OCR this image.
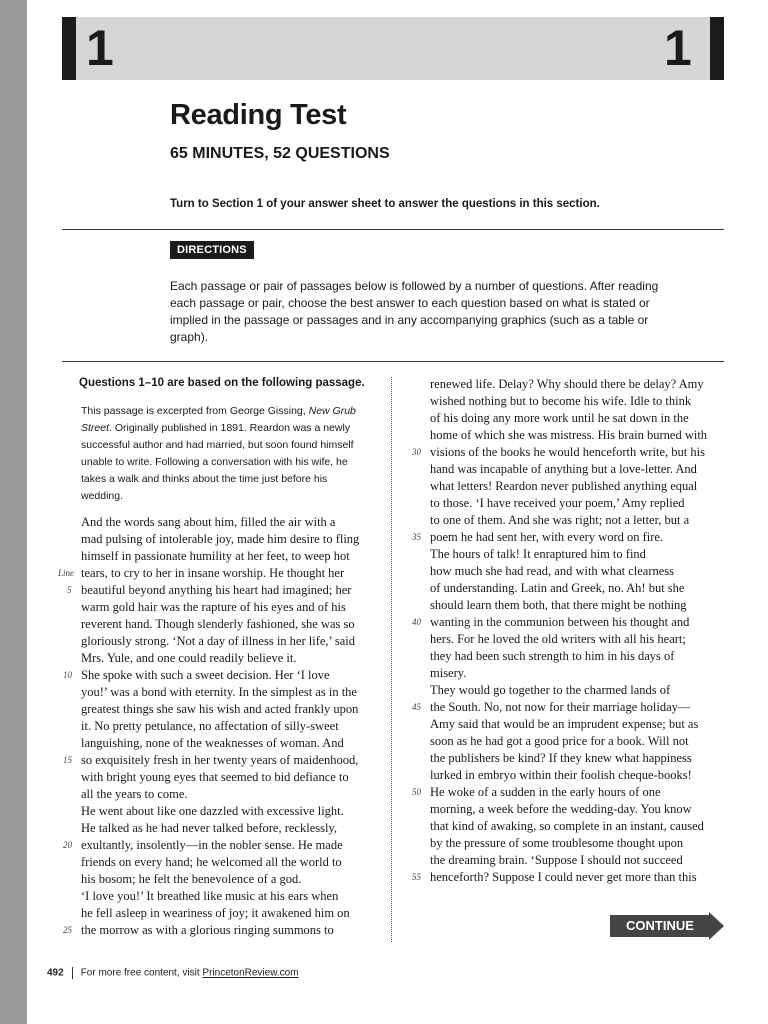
1	1
Reading Test
65 MINUTES, 52 QUESTIONS
Turn to Section 1 of your answer sheet to answer the questions in this section.
DIRECTIONS
Each passage or pair of passages below is followed by a number of questions. After reading each passage or pair, choose the best answer to each question based on what is stated or implied in the passage or passages and in any accompanying graphics (such as a table or graph).
Questions 1–10 are based on the following passage.
This passage is excerpted from George Gissing, New Grub Street. Originally published in 1891. Reardon was a newly successful author and had married, but soon found himself unable to write. Following a conversation with his wife, he takes a walk and thinks about the time just before his wedding.
And the words sang about him, filled the air with a
mad pulsing of intolerable joy, made him desire to fling
himself in passionate humility at her feet, to weep hot
tears, to cry to her in insane worship. He thought her
beautiful beyond anything his heart had imagined; her
warm gold hair was the rapture of his eyes and of his
reverent hand. Though slenderly fashioned, she was so
gloriously strong. ‘Not a day of illness in her life,’ said
Mrs. Yule, and one could readily believe it.
She spoke with such a sweet decision. Her ‘I love
you!’ was a bond with eternity. In the simplest as in the
greatest things she saw his wish and acted frankly upon
it. No pretty petulance, no affectation of silly-sweet
languishing, none of the weaknesses of woman. And
so exquisitely fresh in her twenty years of maidenhood,
with bright young eyes that seemed to bid defiance to
all the years to come.
He went about like one dazzled with excessive light.
He talked as he had never talked before, recklessly,
exultantly, insolently—in the nobler sense. He made
friends on every hand; he welcomed all the world to
his bosom; he felt the benevolence of a god.
‘I love you!’ It breathed like music at his ears when
he fell asleep in weariness of joy; it awakened him on
the morrow as with a glorious ringing summons to
Line
5
10
15
20
25
renewed life. Delay? Why should there be delay? Amy
wished nothing but to become his wife. Idle to think
of his doing any more work until he sat down in the
home of which she was mistress. His brain burned with
visions of the books he would henceforth write, but his
hand was incapable of anything but a love-letter. And
what letters! Reardon never published anything equal
to those. ‘I have received your poem,’ Amy replied
to one of them. And she was right; not a letter, but a
poem he had sent her, with every word on fire.
The hours of talk! It enraptured him to find
how much she had read, and with what clearness
of understanding. Latin and Greek, no. Ah! but she
should learn them both, that there might be nothing
wanting in the communion between his thought and
hers. For he loved the old writers with all his heart;
they had been such strength to him in his days of
misery.
They would go together to the charmed lands of
the South. No, not now for their marriage holiday—
Amy said that would be an imprudent expense; but as
soon as he had got a good price for a book. Will not
the publishers be kind? If they knew what happiness
lurked in embryo within their foolish cheque-books!
He woke of a sudden in the early hours of one
morning, a week before the wedding-day. You know
that kind of awaking, so complete in an instant, caused
by the pressure of some troublesome thought upon
the dreaming brain. ‘Suppose I should not succeed
henceforth? Suppose I could never get more than this
30
35
40
45
50
55
CONTINUE
492 For more free content, visit PrincetonReview.com
